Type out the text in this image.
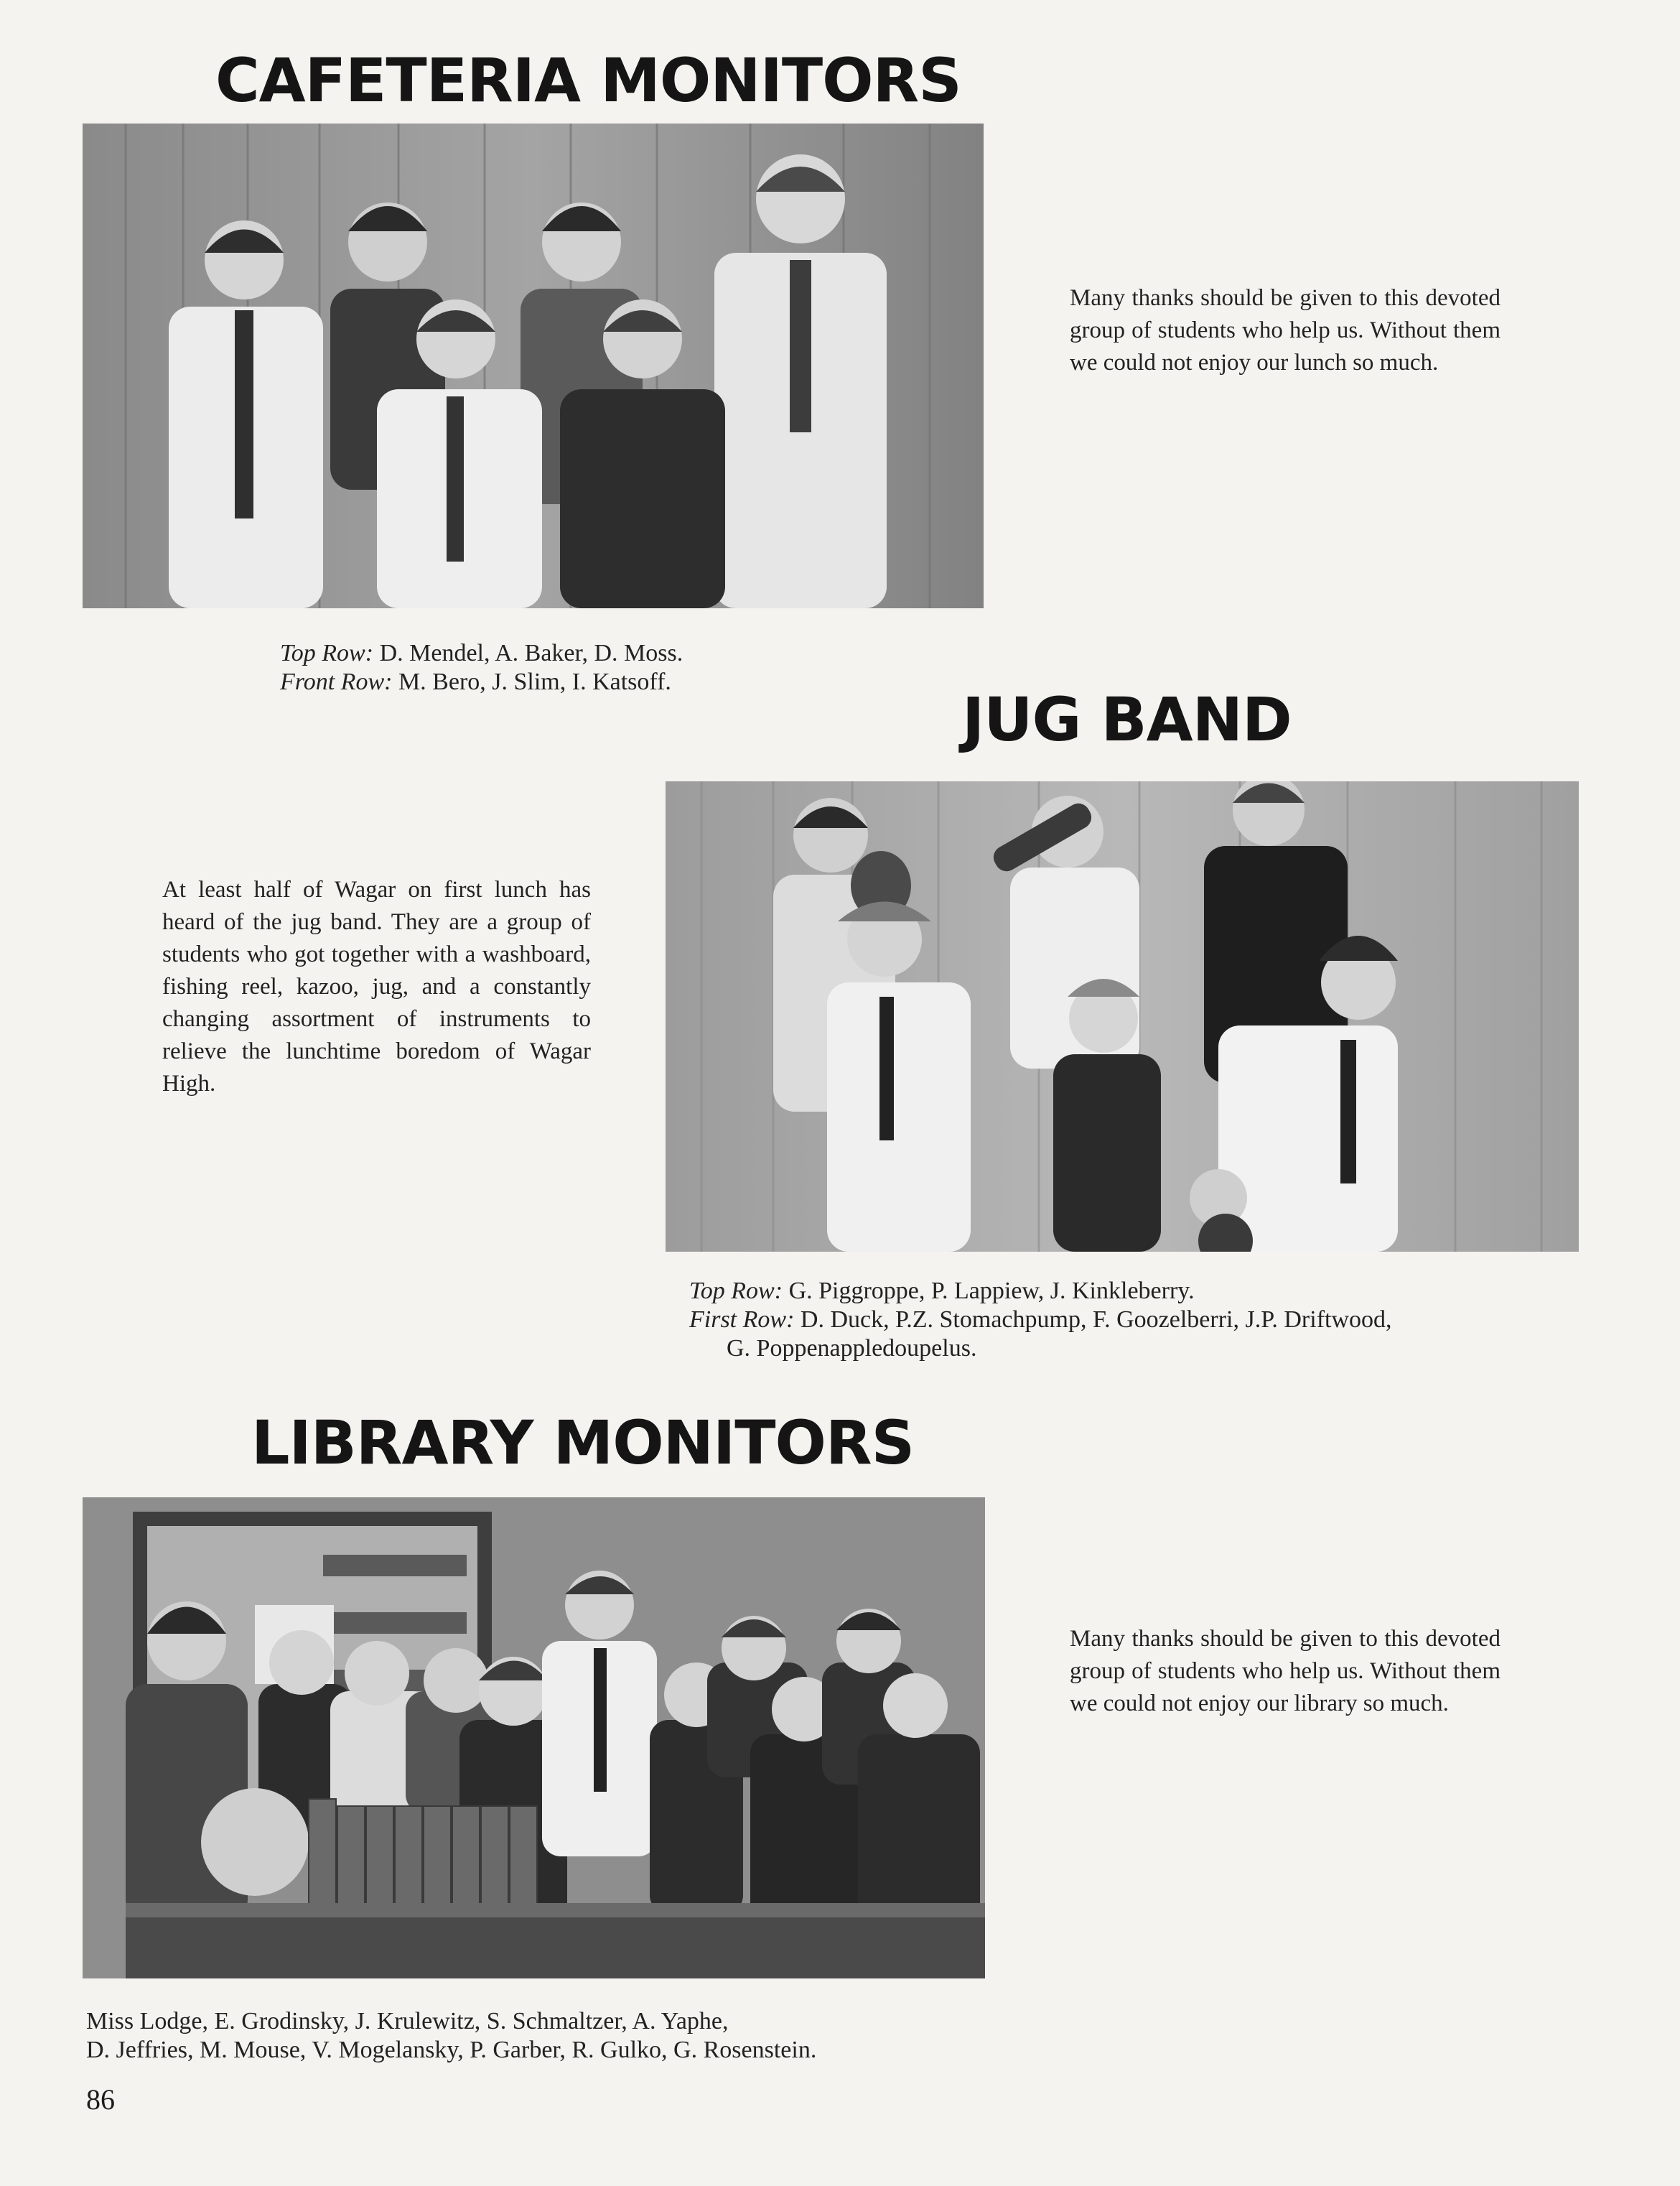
CAFETERIA MONITORS

Many thanks should be given to this devoted group of students who help us. Without them we could not enjoy our lunch so much.

Top Row: D. Mendel, A. Baker, D. Moss.
Front Row: M. Bero, J. Slim, I. Katsoff.

JUG BAND

At least half of Wagar on first lunch has heard of the jug band. They are a group of students who got together with a washboard, fishing reel, kazoo, jug, and a constantly changing assortment of instruments to relieve the lunchtime boredom of Wagar High.

Top Row: G. Piggroppe, P. Lappiew, J. Kinkleberry.
First Row: D. Duck, P.Z. Stomachpump, F. Goozelberri, J.P. Driftwood,
G. Poppenappledoupelus.

LIBRARY MONITORS

Many thanks should be given to this devoted group of students who help us. Without them we could not enjoy our library so much.

Miss Lodge, E. Grodinsky, J. Krulewitz, S. Schmaltzer, A. Yaphe,
D. Jeffries, M. Mouse, V. Mogelansky, P. Garber, R. Gulko, G. Rosenstein.

86
